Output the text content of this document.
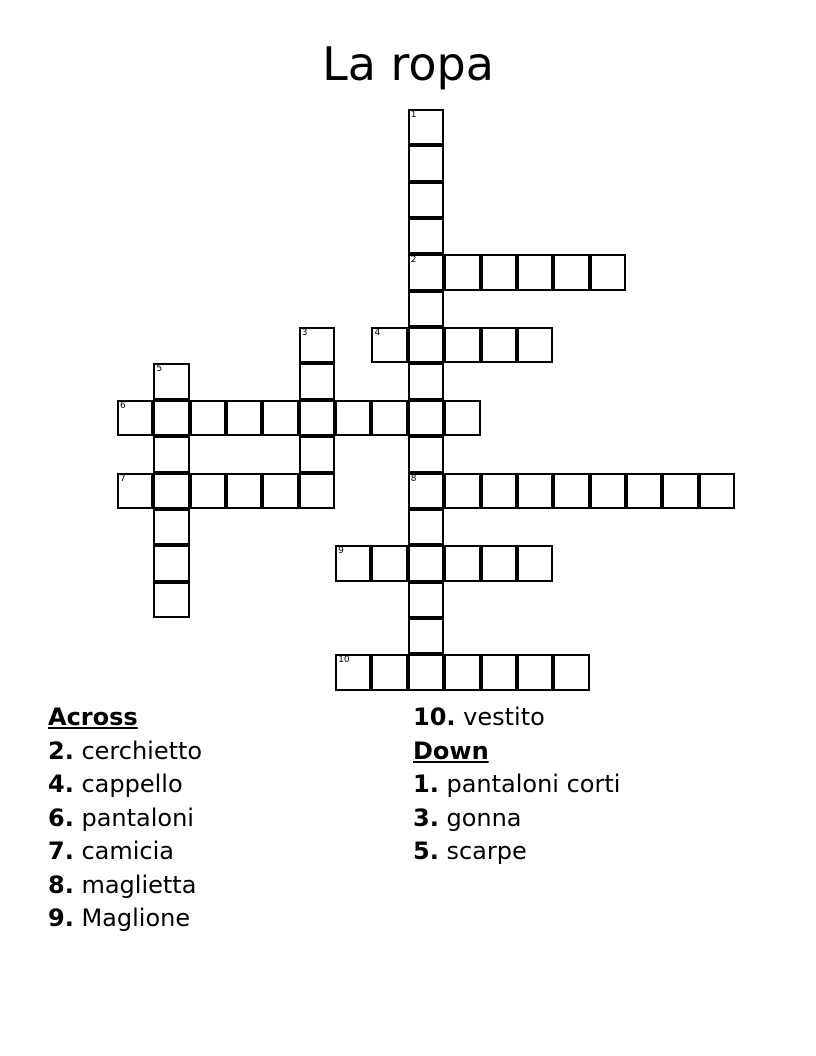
La ropa
1
2
8
3	4
5
6
7
9
10
Across
2. cerchietto
4. cappello
6. pantaloni
7. camicia
8. maglietta
9. Maglione
10. vestito
Down
1. pantaloni corti
3. gonna
5. scarpe
